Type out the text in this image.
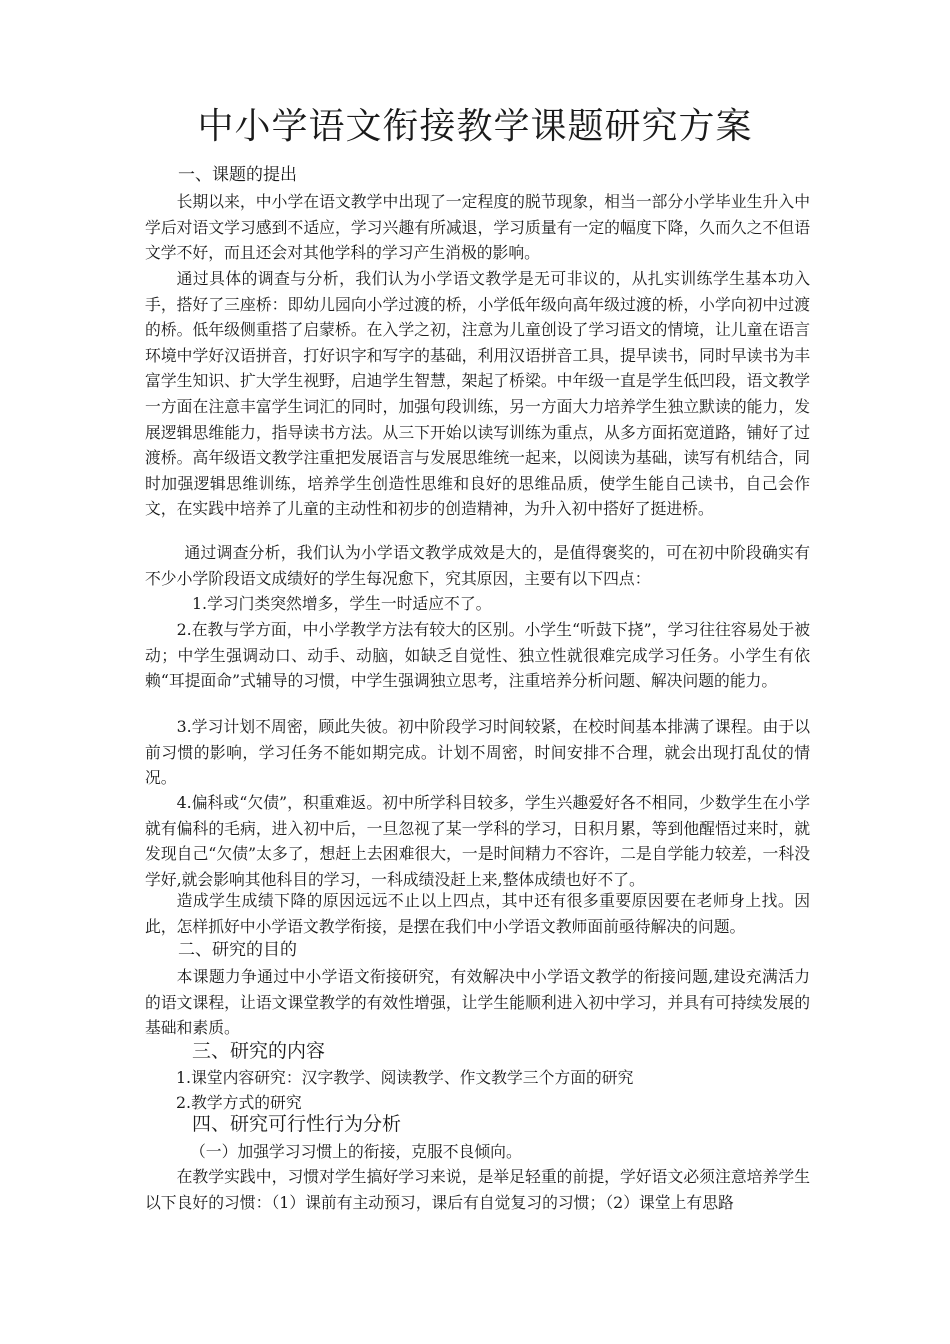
中小学语文衔接教学课题研究方案
一、课题的提出

长期以来，中小学在语文教学中出现了一定程度的脱节现象，相当一部分小学毕业生升入中学后对语文学习感到不适应，学习兴趣有所减退，学习质量有一定的幅度下降，久而久之不但语文学不好，而且还会对其他学科的学习产生消极的影响。

通过具体的调查与分析，我们认为小学语文教学是无可非议的，从扎实训练学生基本功入手，搭好了三座桥：即幼儿园向小学过渡的桥，小学低年级向高年级过渡的桥，小学向初中过渡的桥。低年级侧重搭了启蒙桥。在入学之初，注意为儿童创设了学习语文的情境，让儿童在语言环境中学好汉语拼音，打好识字和写字的基础，利用汉语拼音工具，提早读书，同时早读书为丰富学生知识、扩大学生视野，启迪学生智慧，架起了桥梁。中年级一直是学生低凹段，语文教学一方面在注意丰富学生词汇的同时，加强句段训练，另一方面大力培养学生独立默读的能力，发展逻辑思维能力，指导读书方法。从三下开始以读写训练为重点，从多方面拓宽道路，铺好了过渡桥。高年级语文教学注重把发展语言与发展思维统一起来，以阅读为基础，读写有机结合，同时加强逻辑思维训练，培养学生创造性思维和良好的思维品质，使学生能自己读书，自己会作文，在实践中培养了儿童的主动性和初步的创造精神，为升入初中搭好了挺进桥。

通过调查分析，我们认为小学语文教学成效是大的，是值得褒奖的，可在初中阶段确实有不少小学阶段语文成绩好的学生每况愈下，究其原因，主要有以下四点：

1.学习门类突然增多，学生一时适应不了。

2.在教与学方面，中小学教学方法有较大的区别。小学生“听鼓下挠”，学习往往容易处于被动；中学生强调动口、动手、动脑，如缺乏自觉性、独立性就很难完成学习任务。小学生有依赖“耳提面命”式辅导的习惯，中学生强调独立思考，注重培养分析问题、解决问题的能力。

3.学习计划不周密，顾此失彼。初中阶段学习时间较紧，在校时间基本排满了课程。由于以前习惯的影响，学习任务不能如期完成。计划不周密，时间安排不合理，就会出现打乱仗的情况。

4.偏科或“欠债”，积重难返。初中所学科目较多，学生兴趣爱好各不相同，少数学生在小学就有偏科的毛病，进入初中后，一旦忽视了某一学科的学习，日积月累，等到他醒悟过来时，就发现自己“欠债”太多了，想赶上去困难很大，一是时间精力不容许，二是自学能力较差，一科没学好,就会影响其他科目的学习，一科成绩没赶上来,整体成绩也好不了。

造成学生成绩下降的原因远远不止以上四点，其中还有很多重要原因要在老师身上找。因此，怎样抓好中小学语文教学衔接，是摆在我们中小学语文教师面前亟待解决的问题。

二、研究的目的

本课题力争通过中小学语文衔接研究，有效解决中小学语文教学的衔接问题,建设充满活力的语文课程，让语文课堂教学的有效性增强，让学生能顺利进入初中学习，并具有可持续发展的基础和素质。

三、研究的内容
1.课堂内容研究：汉字教学、阅读教学、作文教学三个方面的研究
2.教学方式的研究
四、研究可行性行为分析
（一）加强学习习惯上的衔接，克服不良倾向。

在教学实践中，习惯对学生搞好学习来说，是举足轻重的前提，学好语文必须注意培养学生以下良好的习惯：（1）课前有主动预习，课后有自觉复习的习惯；（2）课堂上有思路
